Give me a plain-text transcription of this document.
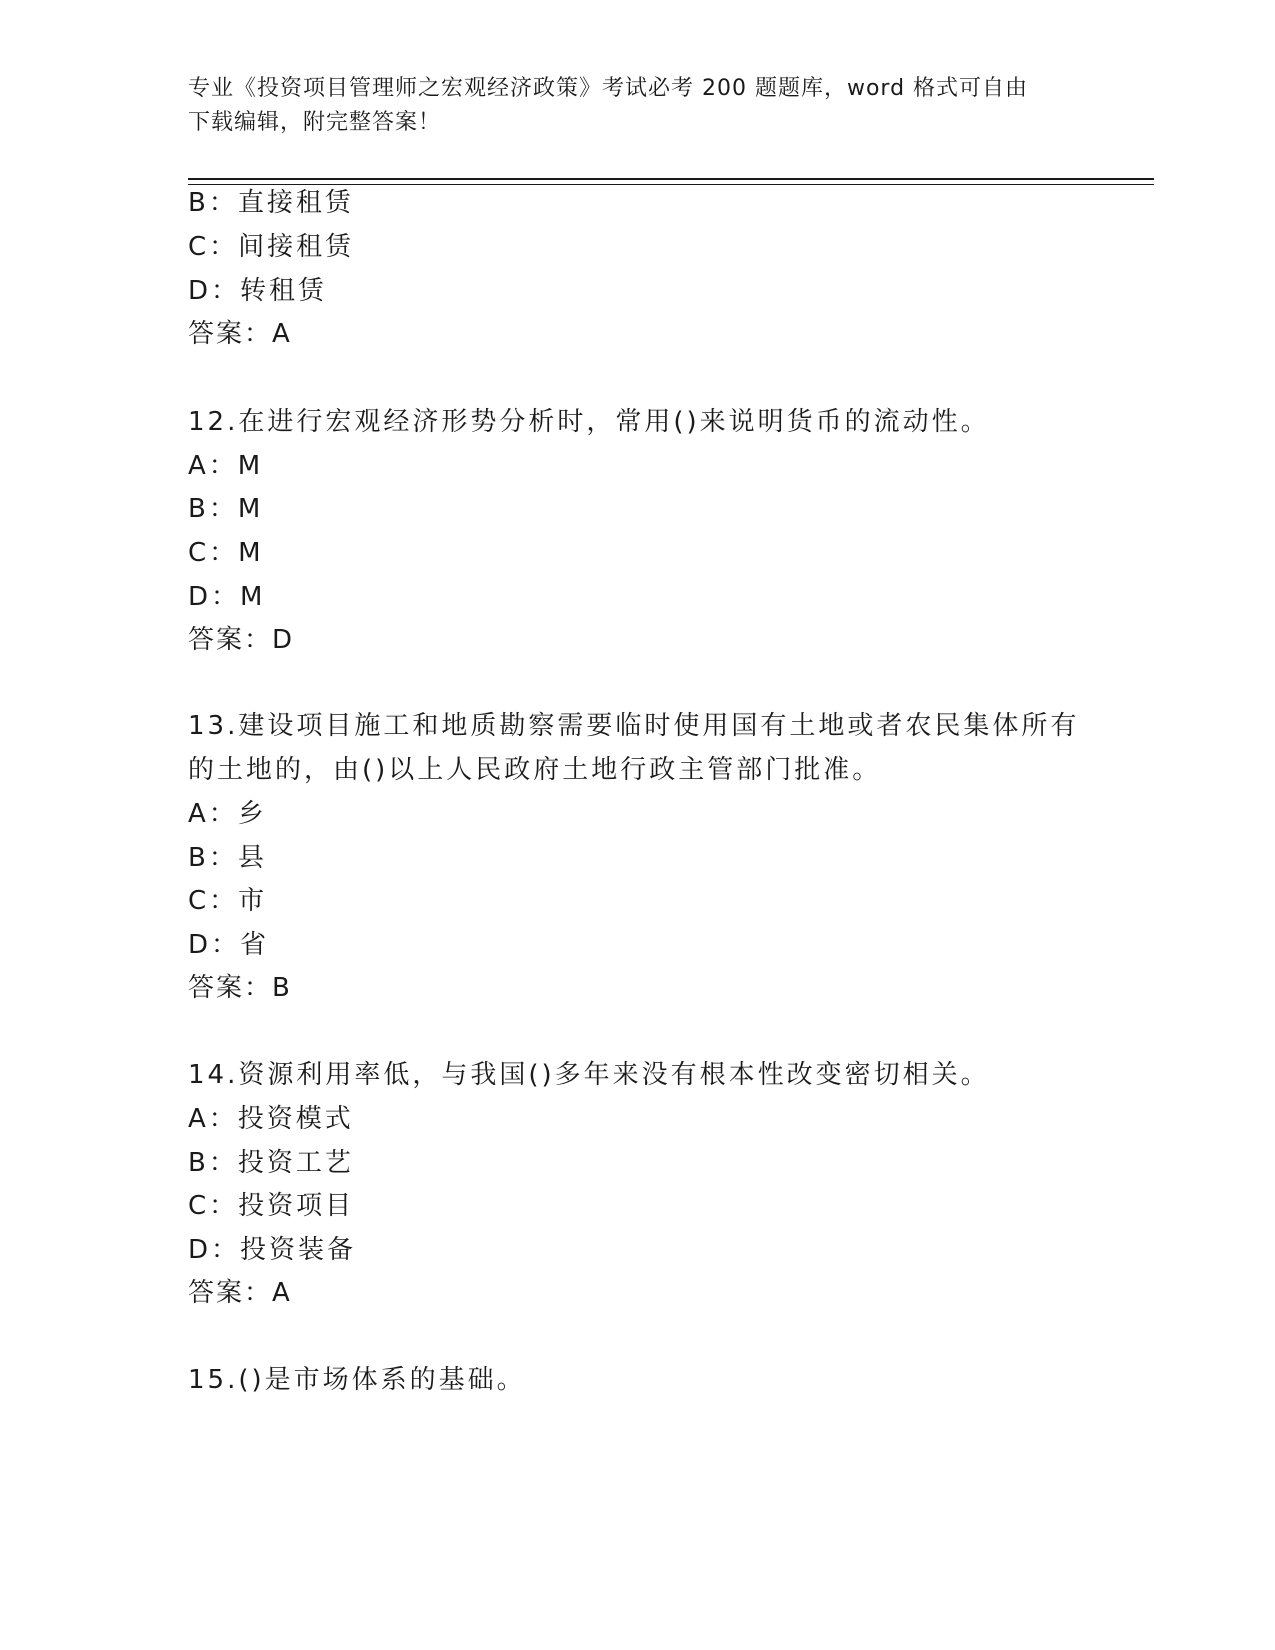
专业《投资项目管理师之宏观经济政策》考试必考 200 题题库，word 格式可自由
下载编辑，附完整答案！
B：直接租赁
C：间接租赁
D：转租赁
答案：A
12.在进行宏观经济形势分析时，常用()来说明货币的流动性。
A：M
B：M
C：M
D：M
答案：D
13.建设项目施工和地质勘察需要临时使用国有土地或者农民集体所有
的土地的，由()以上人民政府土地行政主管部门批准。
A：乡
B：县
C：市
D：省
答案：B
14.资源利用率低，与我国()多年来没有根本性改变密切相关。
A：投资模式
B：投资工艺
C：投资项目
D：投资装备
答案：A
15.()是市场体系的基础。
